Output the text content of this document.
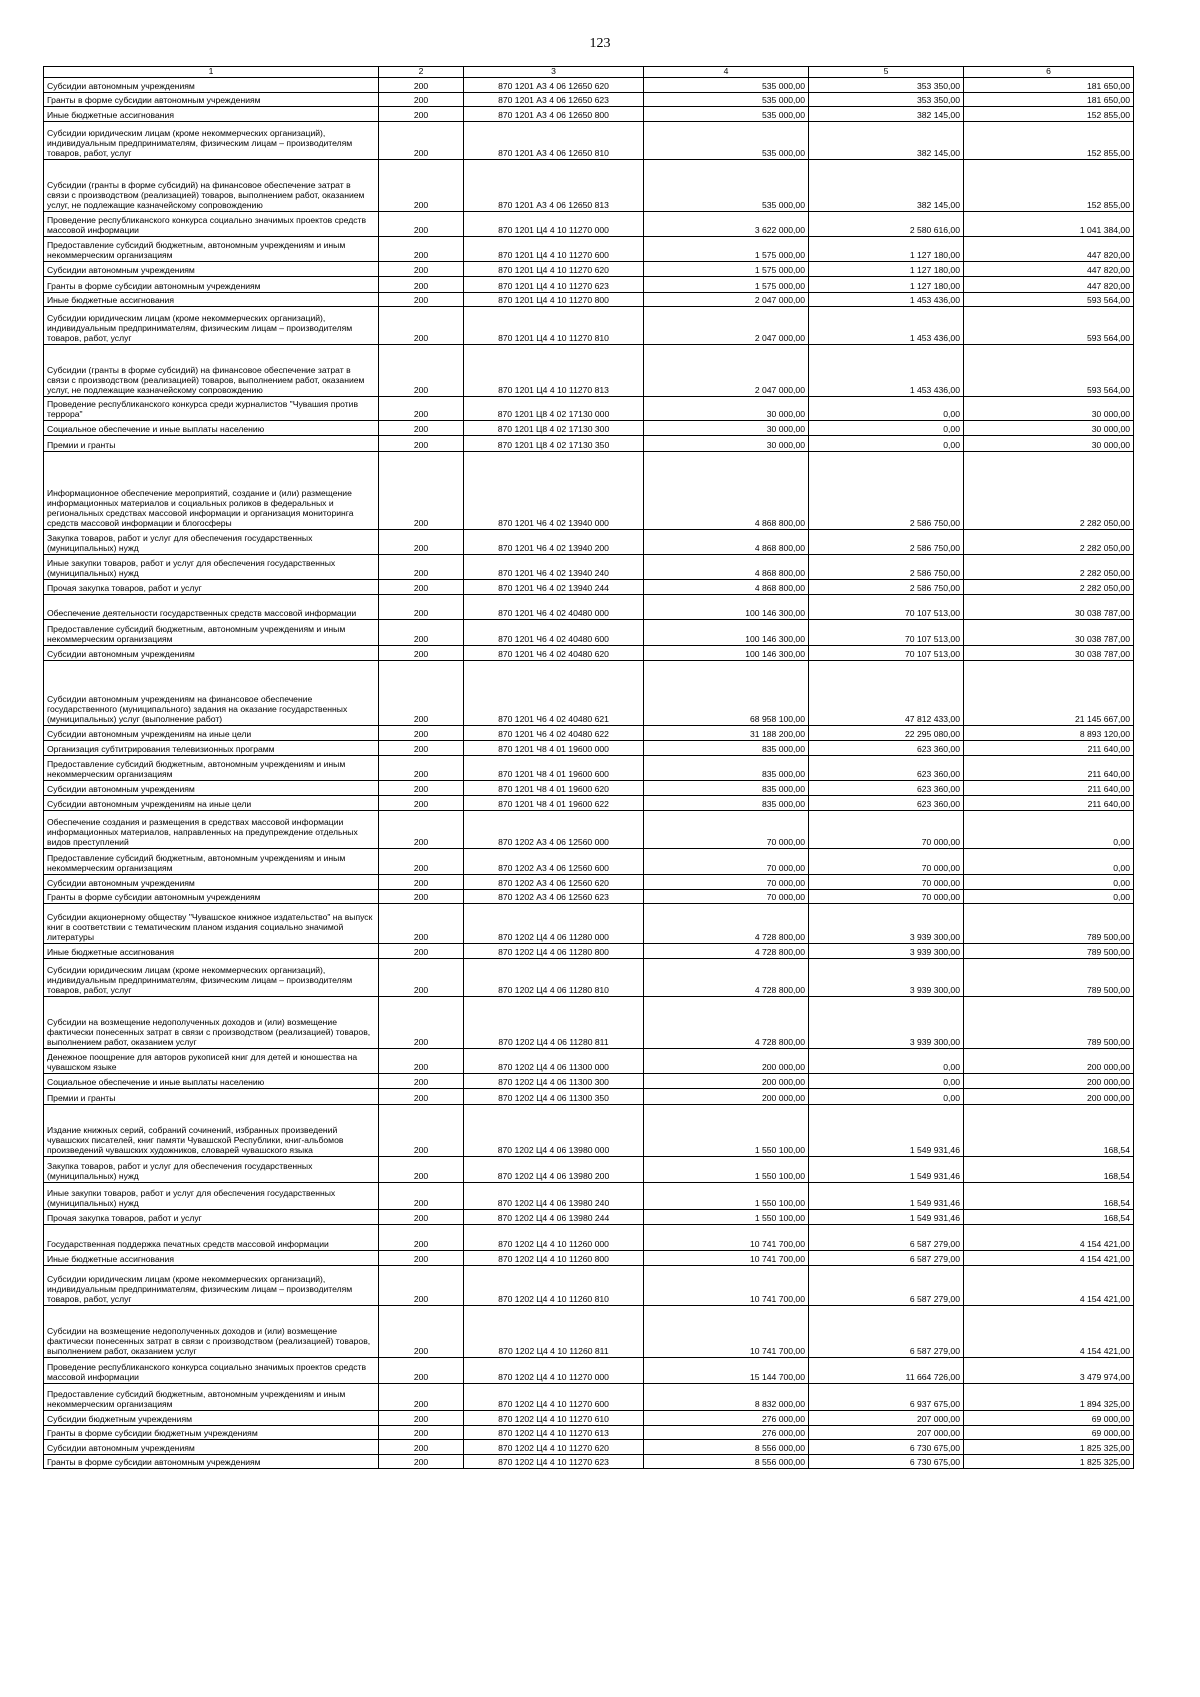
123
1	2	3	4	5	6
Субсидии автономным учреждениям	200	870 1201 А3 4 06 12650 620	535 000,00	353 350,00	181 650,00
Гранты в форме субсидии автономным учреждениям	200	870 1201 А3 4 06 12650 623	535 000,00	353 350,00	181 650,00
Иные бюджетные ассигнования	200	870 1201 А3 4 06 12650 800	535 000,00	382 145,00	152 855,00
Субсидии юридическим лицам (кроме некоммерческих организаций), индивидуальным предпринимателям, физическим лицам – производителям товаров, работ, услуг	200	870 1201 А3 4 06 12650 810	535 000,00	382 145,00	152 855,00
Субсидии (гранты в форме субсидий) на финансовое обеспечение затрат в связи с производством (реализацией) товаров, выполнением работ, оказанием услуг, не подлежащие казначейскому сопровождению	200	870 1201 А3 4 06 12650 813	535 000,00	382 145,00	152 855,00
Проведение республиканского конкурса социально значимых проектов средств массовой информации	200	870 1201 Ц4 4 10 11270 000	3 622 000,00	2 580 616,00	1 041 384,00
Предоставление субсидий бюджетным, автономным учреждениям и иным некоммерческим организациям	200	870 1201 Ц4 4 10 11270 600	1 575 000,00	1 127 180,00	447 820,00
Субсидии автономным учреждениям	200	870 1201 Ц4 4 10 11270 620	1 575 000,00	1 127 180,00	447 820,00
Гранты в форме субсидии автономным учреждениям	200	870 1201 Ц4 4 10 11270 623	1 575 000,00	1 127 180,00	447 820,00
Иные бюджетные ассигнования	200	870 1201 Ц4 4 10 11270 800	2 047 000,00	1 453 436,00	593 564,00
Субсидии юридическим лицам (кроме некоммерческих организаций), индивидуальным предпринимателям, физическим лицам – производителям товаров, работ, услуг	200	870 1201 Ц4 4 10 11270 810	2 047 000,00	1 453 436,00	593 564,00
Субсидии (гранты в форме субсидий) на финансовое обеспечение затрат в связи с производством (реализацией) товаров, выполнением работ, оказанием услуг, не подлежащие казначейскому сопровождению	200	870 1201 Ц4 4 10 11270 813	2 047 000,00	1 453 436,00	593 564,00
Проведение республиканского конкурса среди журналистов "Чувашия против террора"	200	870 1201 Ц8 4 02 17130 000	30 000,00	0,00	30 000,00
Социальное обеспечение и иные выплаты населению	200	870 1201 Ц8 4 02 17130 300	30 000,00	0,00	30 000,00
Премии и гранты	200	870 1201 Ц8 4 02 17130 350	30 000,00	0,00	30 000,00
Информационное обеспечение мероприятий, создание и (или) размещение информационных материалов и социальных роликов в федеральных и региональных средствах массовой информации и организация мониторинга средств массовой информации и блогосферы	200	870 1201 Ч6 4 02 13940 000	4 868 800,00	2 586 750,00	2 282 050,00
Закупка товаров, работ и услуг для обеспечения государственных (муниципальных) нужд	200	870 1201 Ч6 4 02 13940 200	4 868 800,00	2 586 750,00	2 282 050,00
Иные закупки товаров, работ и услуг для обеспечения государственных (муниципальных) нужд	200	870 1201 Ч6 4 02 13940 240	4 868 800,00	2 586 750,00	2 282 050,00
Прочая закупка товаров, работ и услуг	200	870 1201 Ч6 4 02 13940 244	4 868 800,00	2 586 750,00	2 282 050,00
Обеспечение деятельности государственных средств массовой информации	200	870 1201 Ч6 4 02 40480 000	100 146 300,00	70 107 513,00	30 038 787,00
Предоставление субсидий бюджетным, автономным учреждениям и иным некоммерческим организациям	200	870 1201 Ч6 4 02 40480 600	100 146 300,00	70 107 513,00	30 038 787,00
Субсидии автономным учреждениям	200	870 1201 Ч6 4 02 40480 620	100 146 300,00	70 107 513,00	30 038 787,00
Субсидии автономным учреждениям на финансовое обеспечение государственного (муниципального) задания на оказание государственных (муниципальных) услуг (выполнение работ)	200	870 1201 Ч6 4 02 40480 621	68 958 100,00	47 812 433,00	21 145 667,00
Субсидии автономным учреждениям на иные цели	200	870 1201 Ч6 4 02 40480 622	31 188 200,00	22 295 080,00	8 893 120,00
Организация субтитрирования телевизионных программ	200	870 1201 Ч8 4 01 19600 000	835 000,00	623 360,00	211 640,00
Предоставление субсидий бюджетным, автономным учреждениям и иным некоммерческим организациям	200	870 1201 Ч8 4 01 19600 600	835 000,00	623 360,00	211 640,00
Субсидии автономным учреждениям	200	870 1201 Ч8 4 01 19600 620	835 000,00	623 360,00	211 640,00
Субсидии автономным учреждениям на иные цели	200	870 1201 Ч8 4 01 19600 622	835 000,00	623 360,00	211 640,00
Обеспечение создания и размещения в средствах массовой информации информационных материалов, направленных на предупреждение отдельных видов преступлений	200	870 1202 А3 4 06 12560 000	70 000,00	70 000,00	0,00
Предоставление субсидий бюджетным, автономным учреждениям и иным некоммерческим организациям	200	870 1202 А3 4 06 12560 600	70 000,00	70 000,00	0,00
Субсидии автономным учреждениям	200	870 1202 А3 4 06 12560 620	70 000,00	70 000,00	0,00
Гранты в форме субсидии автономным учреждениям	200	870 1202 А3 4 06 12560 623	70 000,00	70 000,00	0,00
Субсидии акционерному обществу "Чувашское книжное издательство" на выпуск книг в соответствии с тематическим планом издания социально значимой литературы	200	870 1202 Ц4 4 06 11280 000	4 728 800,00	3 939 300,00	789 500,00
Иные бюджетные ассигнования	200	870 1202 Ц4 4 06 11280 800	4 728 800,00	3 939 300,00	789 500,00
Субсидии юридическим лицам (кроме некоммерческих организаций), индивидуальным предпринимателям, физическим лицам – производителям товаров, работ, услуг	200	870 1202 Ц4 4 06 11280 810	4 728 800,00	3 939 300,00	789 500,00
Субсидии на возмещение недополученных доходов и (или) возмещение фактически понесенных затрат в связи с производством (реализацией) товаров, выполнением работ, оказанием услуг	200	870 1202 Ц4 4 06 11280 811	4 728 800,00	3 939 300,00	789 500,00
Денежное поощрение для авторов рукописей книг для детей и юношества на чувашском языке	200	870 1202 Ц4 4 06 11300 000	200 000,00	0,00	200 000,00
Социальное обеспечение и иные выплаты населению	200	870 1202 Ц4 4 06 11300 300	200 000,00	0,00	200 000,00
Премии и гранты	200	870 1202 Ц4 4 06 11300 350	200 000,00	0,00	200 000,00
Издание книжных серий, собраний сочинений, избранных произведений чувашских писателей, книг памяти Чувашской Республики, книг-альбомов произведений чувашских художников, словарей чувашского языка	200	870 1202 Ц4 4 06 13980 000	1 550 100,00	1 549 931,46	168,54
Закупка товаров, работ и услуг для обеспечения государственных (муниципальных) нужд	200	870 1202 Ц4 4 06 13980 200	1 550 100,00	1 549 931,46	168,54
Иные закупки товаров, работ и услуг для обеспечения государственных (муниципальных) нужд	200	870 1202 Ц4 4 06 13980 240	1 550 100,00	1 549 931,46	168,54
Прочая закупка товаров, работ и услуг	200	870 1202 Ц4 4 06 13980 244	1 550 100,00	1 549 931,46	168,54
Государственная поддержка печатных средств массовой информации	200	870 1202 Ц4 4 10 11260 000	10 741 700,00	6 587 279,00	4 154 421,00
Иные бюджетные ассигнования	200	870 1202 Ц4 4 10 11260 800	10 741 700,00	6 587 279,00	4 154 421,00
Субсидии юридическим лицам (кроме некоммерческих организаций), индивидуальным предпринимателям, физическим лицам – производителям товаров, работ, услуг	200	870 1202 Ц4 4 10 11260 810	10 741 700,00	6 587 279,00	4 154 421,00
Субсидии на возмещение недополученных доходов и (или) возмещение фактически понесенных затрат в связи с производством (реализацией) товаров, выполнением работ, оказанием услуг	200	870 1202 Ц4 4 10 11260 811	10 741 700,00	6 587 279,00	4 154 421,00
Проведение республиканского конкурса социально значимых проектов средств массовой информации	200	870 1202 Ц4 4 10 11270 000	15 144 700,00	11 664 726,00	3 479 974,00
Предоставление субсидий бюджетным, автономным учреждениям и иным некоммерческим организациям	200	870 1202 Ц4 4 10 11270 600	8 832 000,00	6 937 675,00	1 894 325,00
Субсидии бюджетным учреждениям	200	870 1202 Ц4 4 10 11270 610	276 000,00	207 000,00	69 000,00
Гранты в форме субсидии бюджетным учреждениям	200	870 1202 Ц4 4 10 11270 613	276 000,00	207 000,00	69 000,00
Субсидии автономным учреждениям	200	870 1202 Ц4 4 10 11270 620	8 556 000,00	6 730 675,00	1 825 325,00
Гранты в форме субсидии автономным учреждениям	200	870 1202 Ц4 4 10 11270 623	8 556 000,00	6 730 675,00	1 825 325,00
